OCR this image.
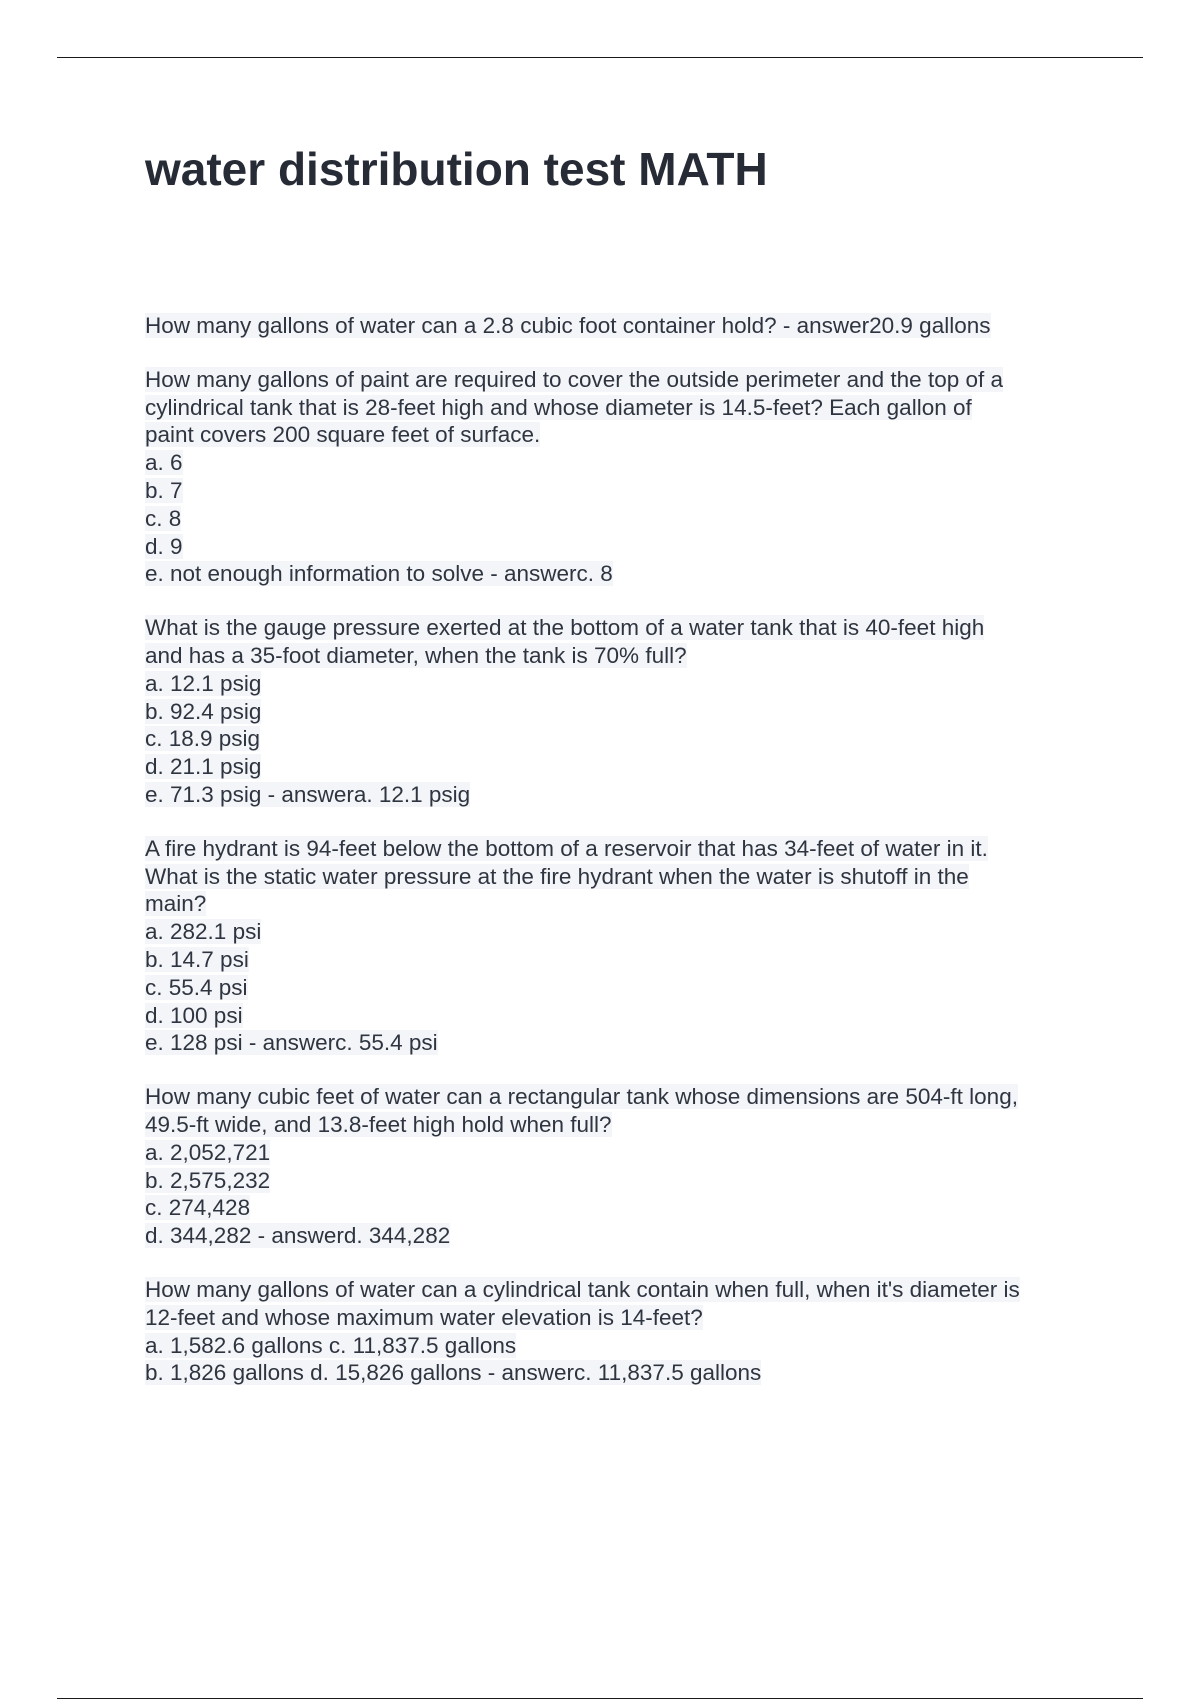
water distribution test MATH
How many gallons of water can a 2.8 cubic foot container hold? - answer20.9 gallons
How many gallons of paint are required to cover the outside perimeter and the top of a
cylindrical tank that is 28-feet high and whose diameter is 14.5-feet? Each gallon of
paint covers 200 square feet of surface.
a. 6
b. 7
c. 8
d. 9
e. not enough information to solve - answerc. 8
What is the gauge pressure exerted at the bottom of a water tank that is 40-feet high
and has a 35-foot diameter, when the tank is 70% full?
a. 12.1 psig
b. 92.4 psig
c. 18.9 psig
d. 21.1 psig
e. 71.3 psig - answera. 12.1 psig
A fire hydrant is 94-feet below the bottom of a reservoir that has 34-feet of water in it.
What is the static water pressure at the fire hydrant when the water is shutoff in the
main?
a. 282.1 psi
b. 14.7 psi
c. 55.4 psi
d. 100 psi
e. 128 psi - answerc. 55.4 psi
How many cubic feet of water can a rectangular tank whose dimensions are 504-ft long,
49.5-ft wide, and 13.8-feet high hold when full?
a. 2,052,721
b. 2,575,232
c. 274,428
d. 344,282 - answerd. 344,282
How many gallons of water can a cylindrical tank contain when full, when it's diameter is
12-feet and whose maximum water elevation is 14-feet?
a. 1,582.6 gallons c. 11,837.5 gallons
b. 1,826 gallons d. 15,826 gallons - answerc. 11,837.5 gallons
